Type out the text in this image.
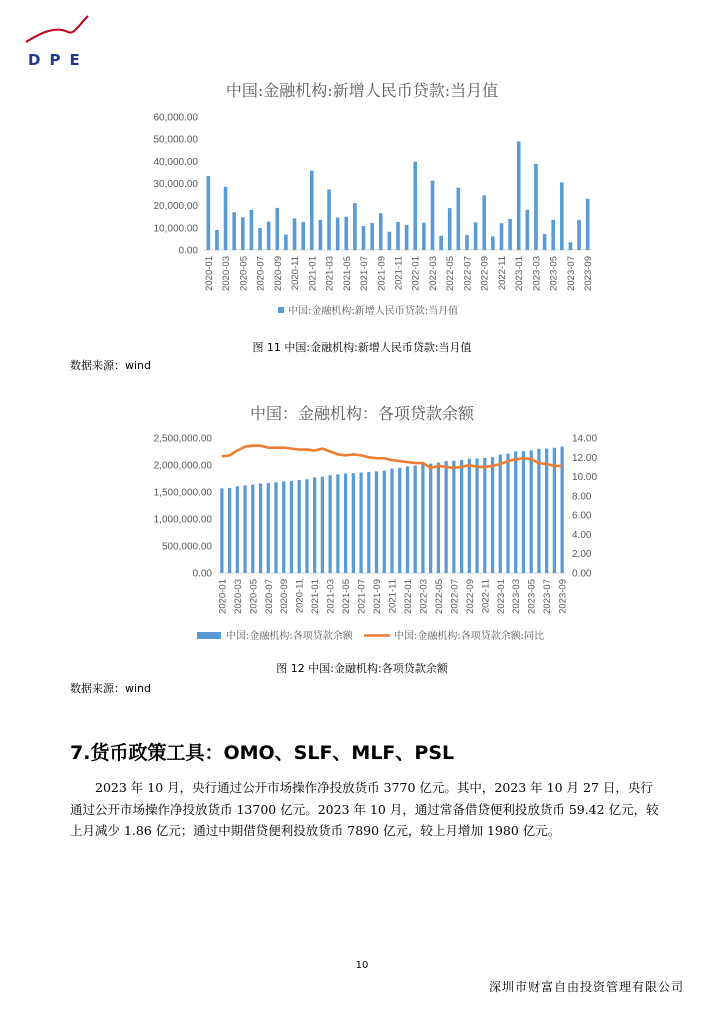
DPE
中国:金融机构:新增人民币贷款:当月值
0.00
10,000.00
20,000.00
30,000.00
40,000.00
50,000.00
60,000.00
2020-01 2020-03 2020-05 2020-07 2020-09 2020-11 2021-01 2021-03 2021-05 2021-07 2021-09 2021-11 2022-01 2022-03 2022-05 2022-07 2022-09 2022-11 2023-01 2023-03 2023-05 2023-07 2023-09
中国:金融机构:新增人民币贷款:当月值
图 11 中国:金融机构:新增人民币贷款:当月值
数据来源：wind
中国：金融机构：各项贷款余额
0.00
500,000.00
1,000,000.00
1,500,000.00
2,000,000.00
2,500,000.00
0.00
2.00
4.00
6.00
8.00
10.00
12.00
14.00
2020-01 2020-03 2020-05 2020-07 2020-09 2020-11 2021-01 2021-03 2021-05 2021-07 2021-09 2021-11 2022-01 2022-03 2022-05 2022-07 2022-09 2022-11 2023-01 2023-03 2023-05 2023-07 2023-09
中国:金融机构:各项贷款余额	中国:金融机构:各项贷款余额:同比
图 12 中国:金融机构:各项贷款余额
数据来源：wind
7.货币政策工具：OMO、SLF、MLF、PSL

  2023 年 10 月，央行通过公开市场操作净投放货币 3770 亿元。其中，2023 年 10 月 27 日，央行通过公开市场操作净投放货币 13700 亿元。2023 年 10 月，通过常备借贷便利投放货币 59.42 亿元，较上月减少 1.86 亿元；通过中期借贷便利投放货币 7890 亿元，较上月增加 1980 亿元。

10
深圳市财富自由投资管理有限公司
